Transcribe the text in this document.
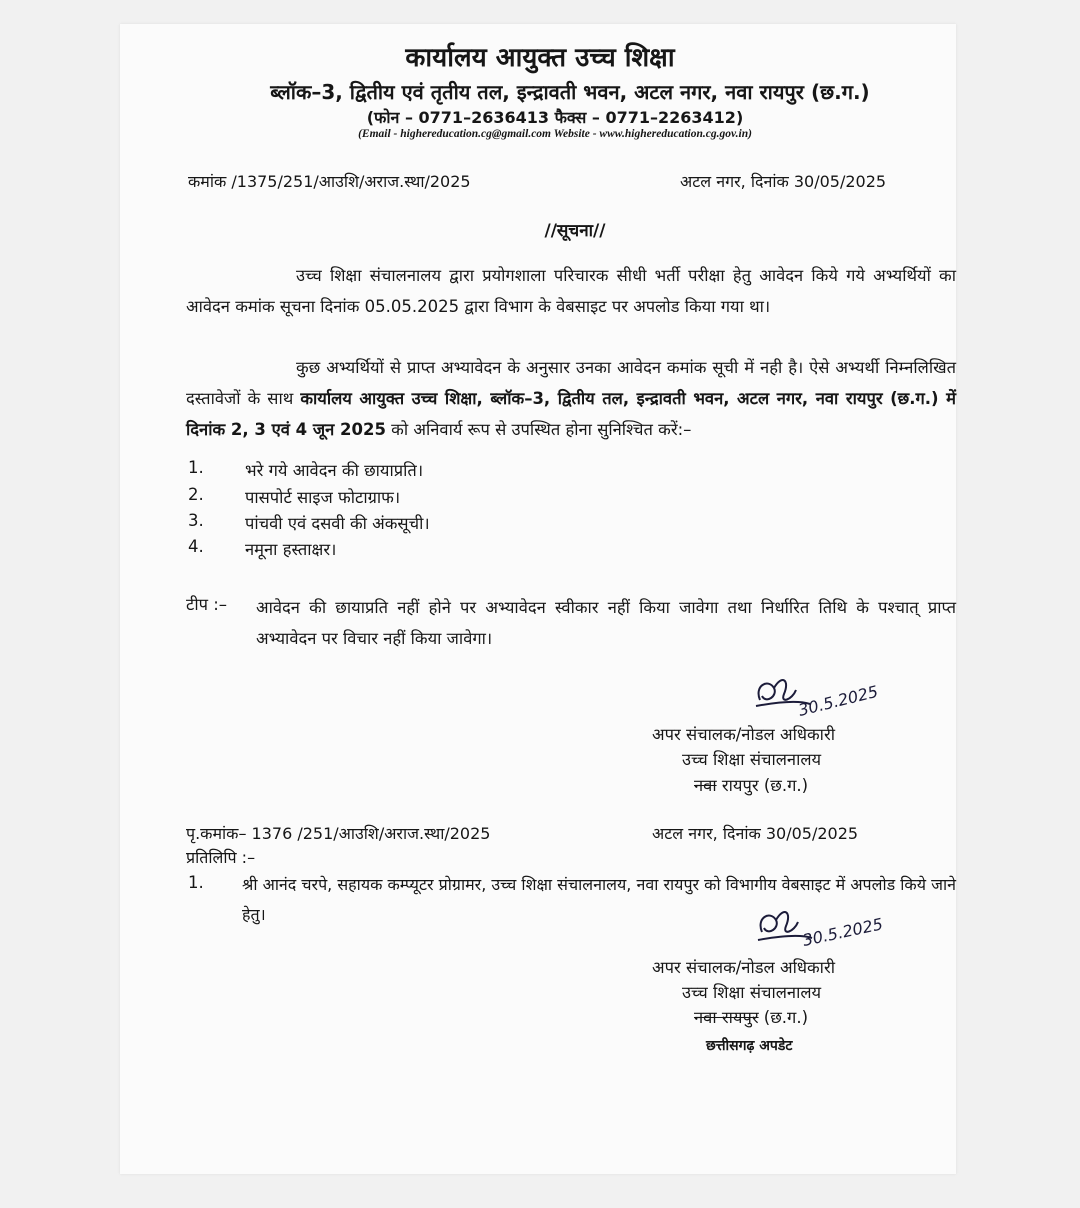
कार्यालय आयुक्त उच्च शिक्षा
ब्लॉक–3, द्वितीय एवं तृतीय तल, इन्द्रावती भवन, अटल नगर, नवा रायपुर (छ.ग.)
(फोन – 0771–2636413 फैक्स – 0771–2263412)
(Email - highereducation.cg@gmail.com Website - www.highereducation.cg.gov.in)
कमांक /1375/251/आउशि/अराज.स्था/2025	अटल नगर, दिनांक 30/05/2025
//सूचना//
उच्च शिक्षा संचालनालय द्वारा प्रयोगशाला परिचारक सीधी भर्ती परीक्षा हेतु आवेदन किये गये अभ्यर्थियों का आवेदन कमांक सूचना दिनांक 05.05.2025 द्वारा विभाग के वेबसाइट पर अपलोड किया गया था।
कुछ अभ्यर्थियों से प्राप्त अभ्यावेदन के अनुसार उनका आवेदन कमांक सूची में नही है। ऐसे अभ्यर्थी निम्नलिखित दस्तावेजों के साथ कार्यालय आयुक्त उच्च शिक्षा, ब्लॉक–3, द्वितीय तल, इन्द्रावती भवन, अटल नगर, नवा रायपुर (छ.ग.) में दिनांक 2, 3 एवं 4 जून 2025 को अनिवार्य रूप से उपस्थित होना सुनिश्चित करें:–
1.	भरे गये आवेदन की छायाप्रति।
2.	पासपोर्ट साइज फोटाग्राफ।
3.	पांचवी एवं दसवी की अंकसूची।
4.	नमूना हस्ताक्षर।
टीप :– आवेदन की छायाप्रति नहीं होने पर अभ्यावेदन स्वीकार नहीं किया जावेगा तथा निर्धारित तिथि के पश्चात् प्राप्त अभ्यावेदन पर विचार नहीं किया जावेगा।
30.5.2025
अपर संचालक/नोडल अधिकारी
उच्च शिक्षा संचालनालय
नवा रायपुर (छ.ग.)
पृ.कमांक– 1376 /251/आउशि/अराज.स्था/2025	अटल नगर, दिनांक 30/05/2025
प्रतिलिपि :–
1. श्री आनंद चरपे, सहायक कम्प्यूटर प्रोग्रामर, उच्च शिक्षा संचालनालय, नवा रायपुर को विभागीय वेबसाइट में अपलोड किये जाने हेतु।	30.5.2025
अपर संचालक/नोडल अधिकारी
उच्च शिक्षा संचालनालय
नवा रायपुर (छ.ग.)
छत्तीसगढ़ अपडेट
